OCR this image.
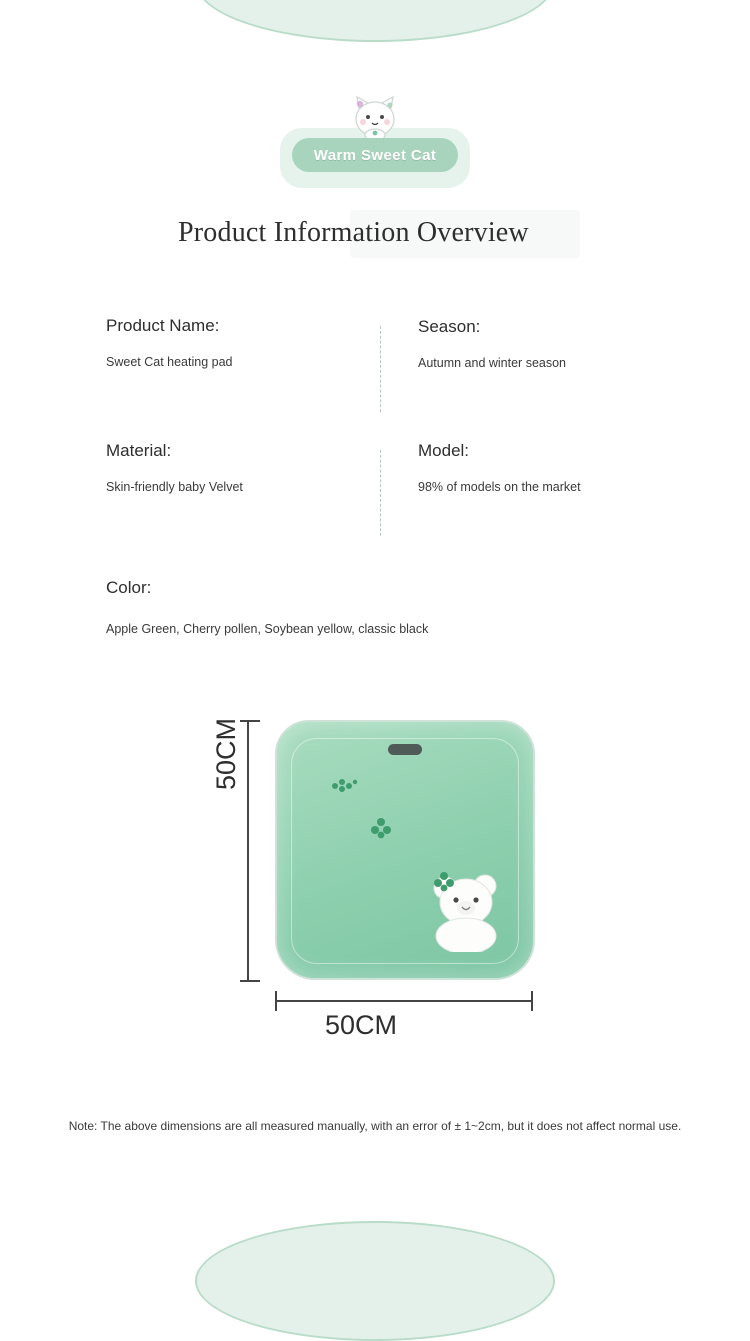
Warm Sweet Cat
Product Information Overview
Product Name:
Sweet Cat heating pad
Season:
Autumn and winter season
Material:
Skin-friendly baby Velvet
Model:
98% of models on the market
Color:
Apple Green, Cherry pollen, Soybean yellow, classic black
50CM
50CM
Note: The above dimensions are all measured manually, with an error of ± 1~2cm, but it does not affect normal use.
